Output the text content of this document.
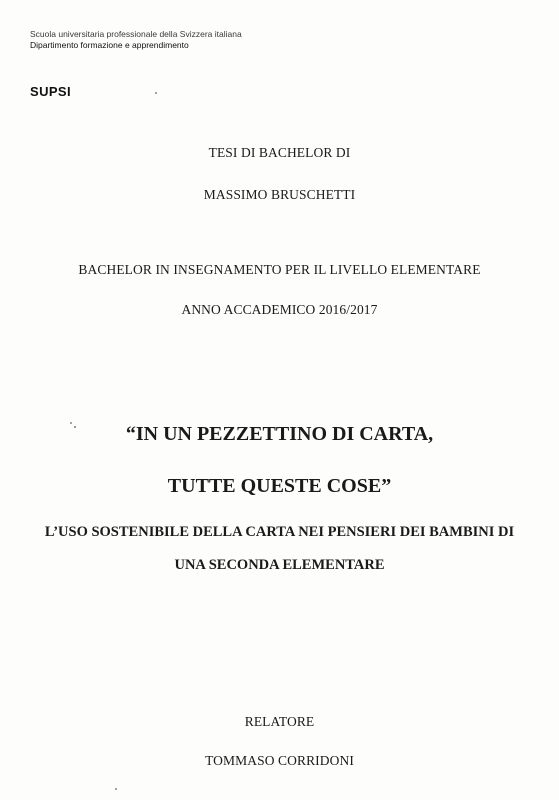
Scuola universitaria professionale della Svizzera italiana
Dipartimento formazione e apprendimento
SUPSI
TESI DI BACHELOR DI
MASSIMO BRUSCHETTI
BACHELOR IN INSEGNAMENTO PER IL LIVELLO ELEMENTARE
ANNO ACCADEMICO 2016/2017
“IN UN PEZZETTINO DI CARTA,
TUTTE QUESTE COSE”
L’USO SOSTENIBILE DELLA CARTA NEI PENSIERI DEI BAMBINI DI
UNA SECONDA ELEMENTARE
RELATORE
TOMMASO CORRIDONI
